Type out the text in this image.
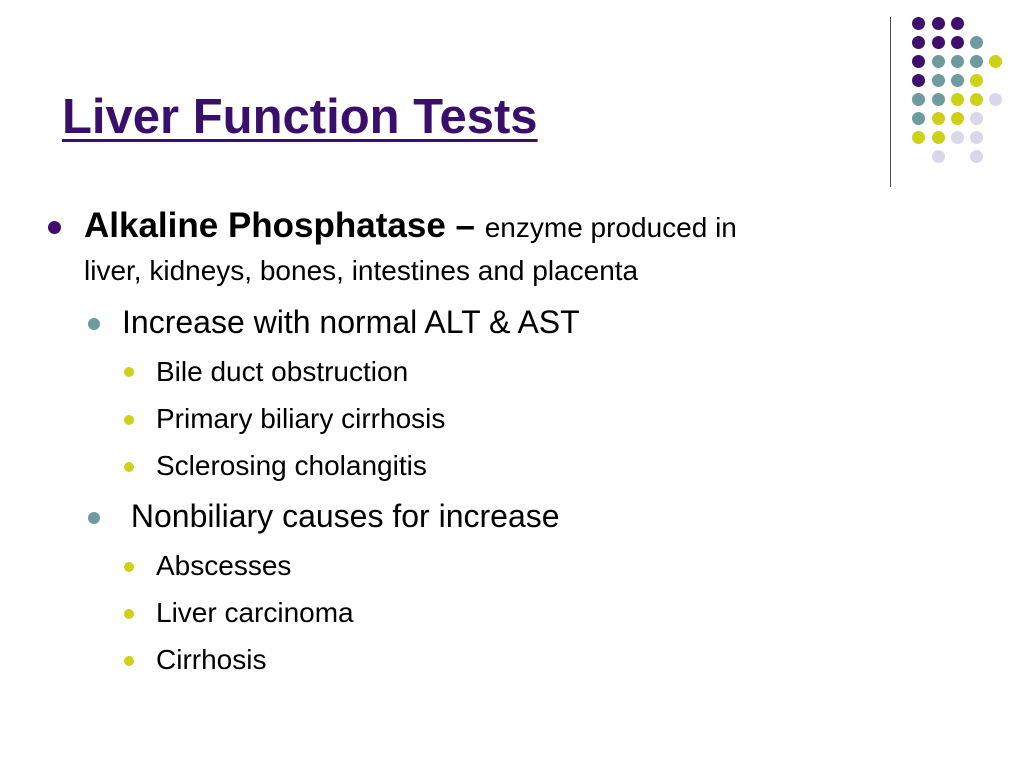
Liver Function Tests
Alkaline Phosphatase – enzyme produced in
liver, kidneys, bones, intestines and placenta
Increase with normal ALT & AST
Bile duct obstruction
Primary biliary cirrhosis
Sclerosing cholangitis
Nonbiliary causes for increase
Abscesses
Liver carcinoma
Cirrhosis
